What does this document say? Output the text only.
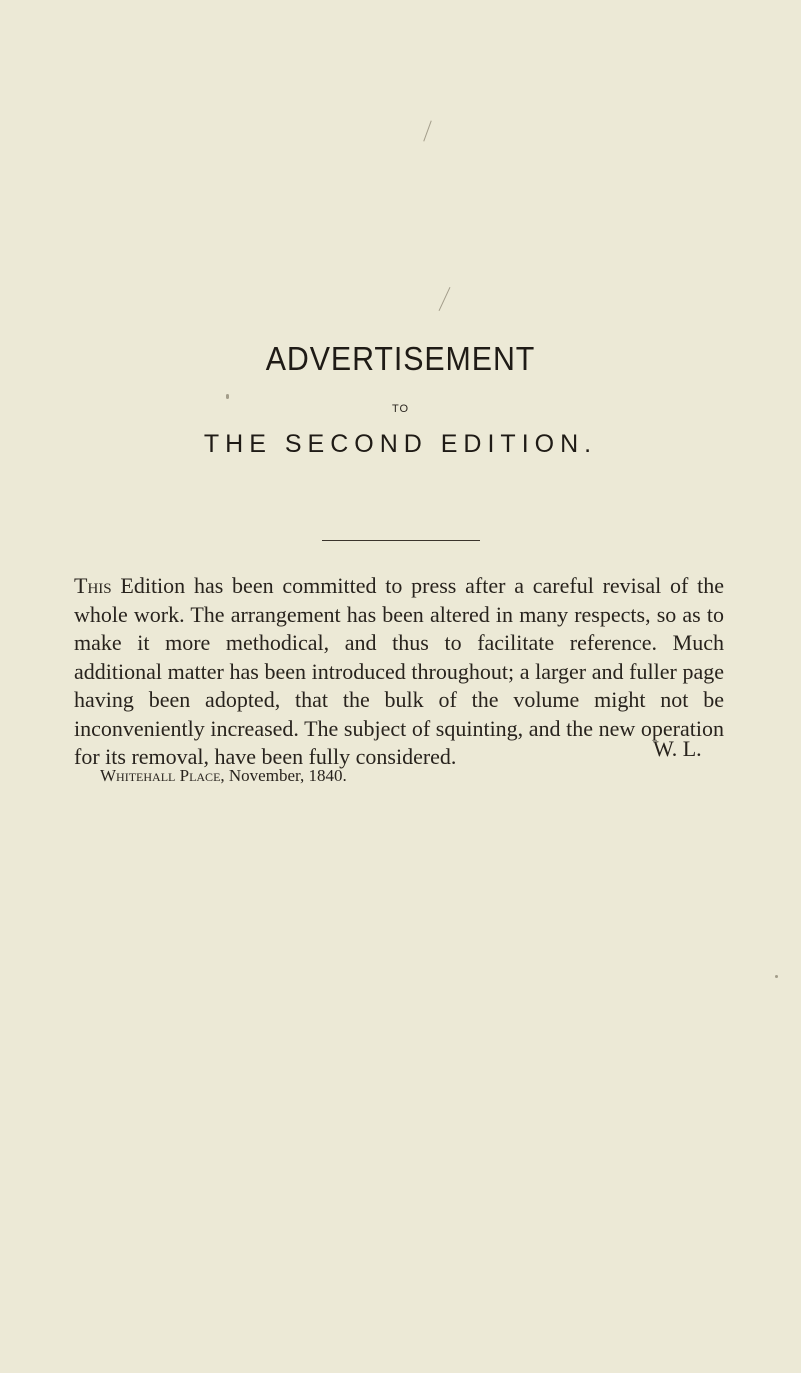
ADVERTISEMENT
TO
THE SECOND EDITION.

This Edition has been committed to press after a careful revisal of the whole work. The arrangement has been altered in many respects, so as to make it more methodical, and thus to facilitate reference. Much additional matter has been introduced throughout; a larger and fuller page having been adopted, that the bulk of the volume might not be inconveniently increased. The subject of squinting, and the new operation for its removal, have been fully considered.	W. L.
Whitehall Place, November, 1840.
